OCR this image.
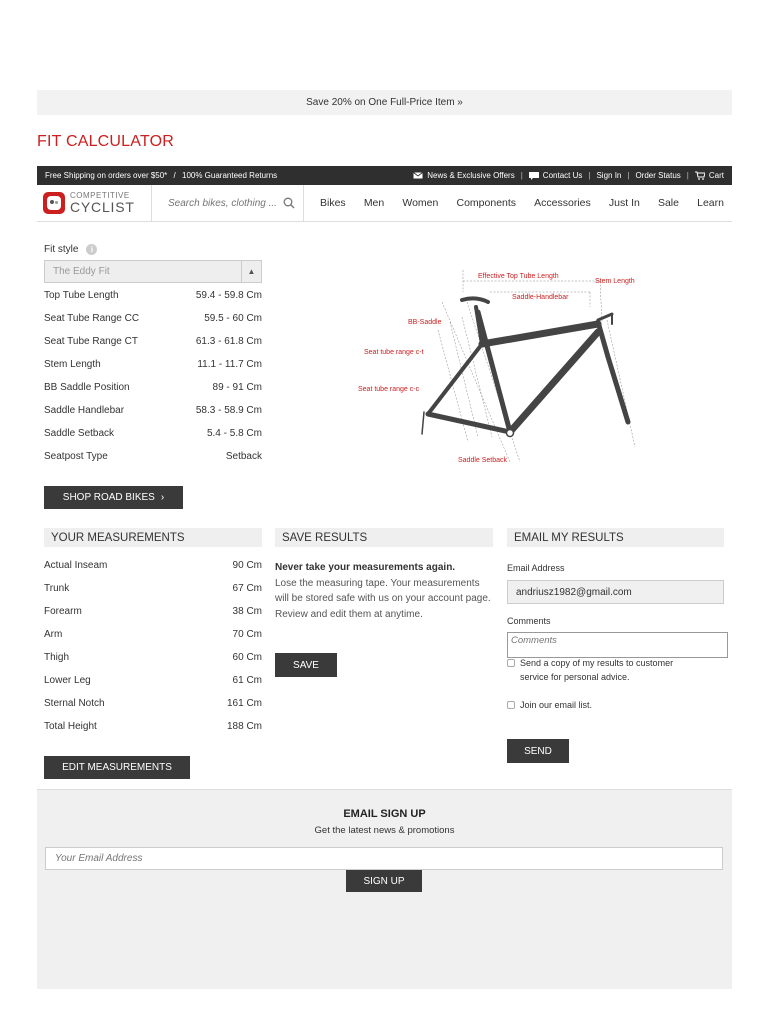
Save 20% on One Full-Price Item »
FIT CALCULATOR
Free Shipping on orders over $50* / 100% Guaranteed Returns	News & Exclusive Offers |	Contact Us | Sign In | Order Status |	Cart
COMPETITIVE
CYCLIST
Search bikes, clothing ...	Bikes Men Women Components Accessories Just In Sale Learn
Fit style	i
The Eddy Fit	▲

Top Tube Length	59.4 - 59.8 Cm
Seat Tube Range CC	59.5 - 60 Cm
Seat Tube Range CT	61.3 - 61.8 Cm
Stem Length	11.1 - 11.7 Cm
BB Saddle Position	89 - 91 Cm
Saddle Handlebar	58.3 - 58.9 Cm
Saddle Setback	5.4 - 5.8 Cm
Seatpost Type	Setback
Effective Top Tube Length
Stem Length
Saddle-Handlebar
BB-Saddle
Seat tube range c-t
Seat tube range c-c
Saddle Setback
SHOP ROAD BIKES ›
YOUR MEASUREMENTS
Actual Inseam	90 Cm
Trunk	67 Cm
Forearm	38 Cm
Arm	70 Cm
Thigh	60 Cm
Lower Leg	61 Cm
Sternal Notch	161 Cm
Total Height	188 Cm
EDIT MEASUREMENTS
SAVE RESULTS
Never take your measurements again.
Lose the measuring tape. Your measurements will be stored safe with us on your account page. Review and edit them at anytime.
SAVE
EMAIL MY RESULTS
Email Address
andriusz1982@gmail.com
Comments
Comments
Send a copy of my results to customer service for personal advice.
Join our email list.
SEND
EMAIL SIGN UP
Get the latest news & promotions
Your Email Address
SIGN UP
